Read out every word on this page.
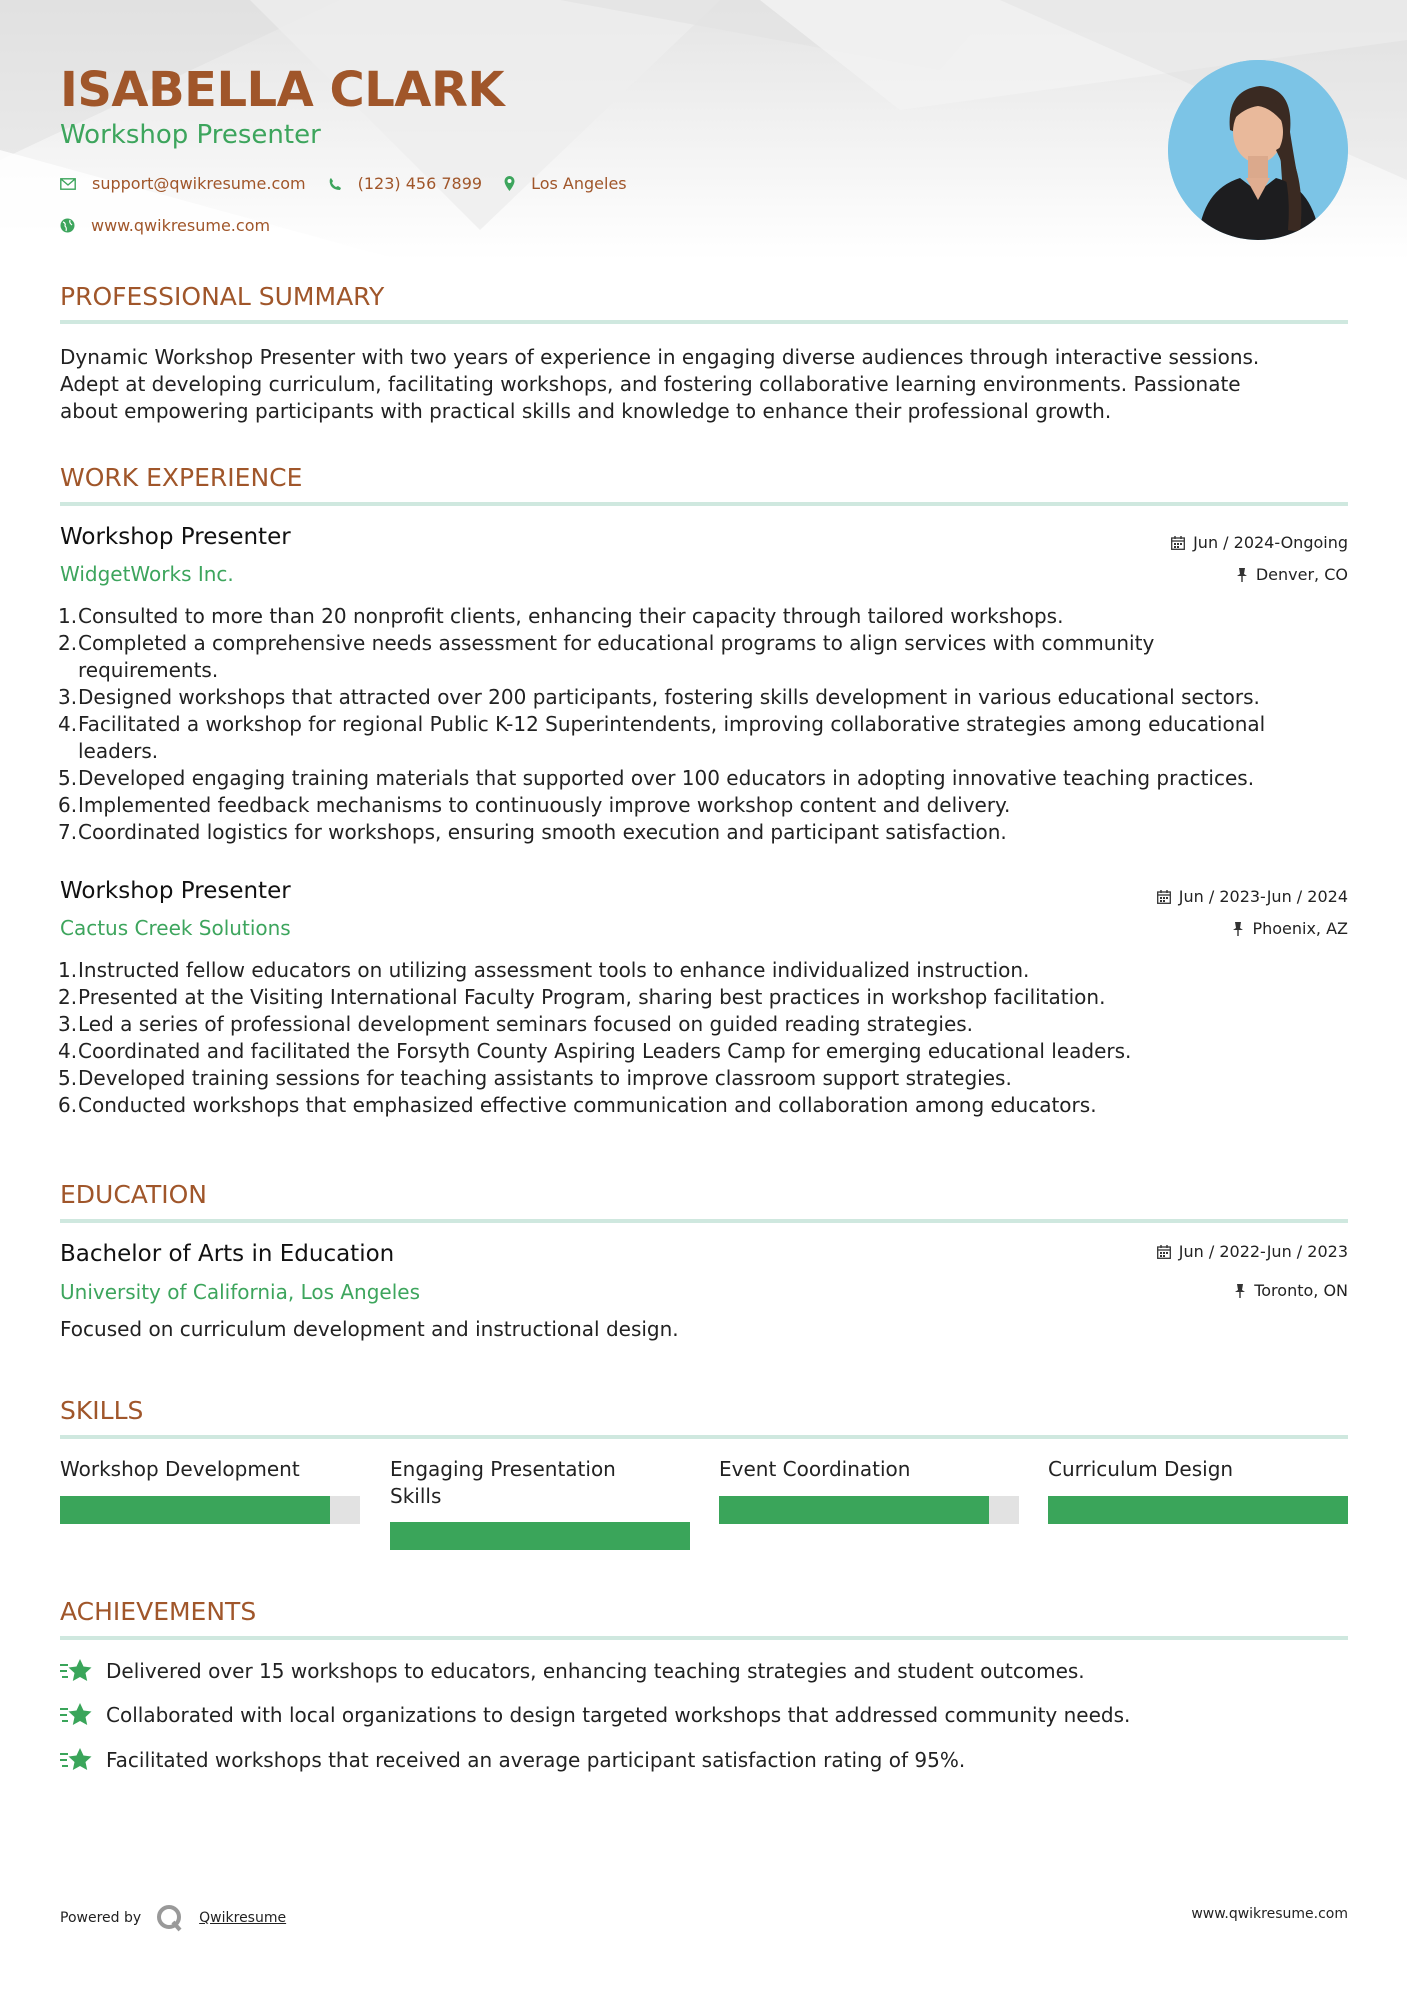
ISABELLA CLARK
Workshop Presenter
support@qwikresume.com	(123) 456 7899	Los Angeles
www.qwikresume.com
PROFESSIONAL SUMMARY
Dynamic Workshop Presenter with two years of experience in engaging diverse audiences through interactive sessions.
Adept at developing curriculum, facilitating workshops, and fostering collaborative learning environments. Passionate
about empowering participants with practical skills and knowledge to enhance their professional growth.
WORK EXPERIENCE
Workshop Presenter
WidgetWorks Inc.
Jun / 2024-Ongoing
Denver, CO
1. Consulted to more than 20 nonprofit clients, enhancing their capacity through tailored workshops.
2. Completed a comprehensive needs assessment for educational programs to align services with community
requirements.
3. Designed workshops that attracted over 200 participants, fostering skills development in various educational sectors.
4. Facilitated a workshop for regional Public K-12 Superintendents, improving collaborative strategies among educational
leaders.
5. Developed engaging training materials that supported over 100 educators in adopting innovative teaching practices.
6. Implemented feedback mechanisms to continuously improve workshop content and delivery.
7. Coordinated logistics for workshops, ensuring smooth execution and participant satisfaction.
Workshop Presenter
Cactus Creek Solutions
Jun / 2023-Jun / 2024
Phoenix, AZ
1. Instructed fellow educators on utilizing assessment tools to enhance individualized instruction.
2. Presented at the Visiting International Faculty Program, sharing best practices in workshop facilitation.
3. Led a series of professional development seminars focused on guided reading strategies.
4. Coordinated and facilitated the Forsyth County Aspiring Leaders Camp for emerging educational leaders.
5. Developed training sessions for teaching assistants to improve classroom support strategies.
6. Conducted workshops that emphasized effective communication and collaboration among educators.
EDUCATION
Bachelor of Arts in Education
University of California, Los Angeles
Jun / 2022-Jun / 2023
Toronto, ON
Focused on curriculum development and instructional design.
SKILLS
Workshop Development	Engaging Presentation Skills
Event Coordination	Curriculum Design
ACHIEVEMENTS
Delivered over 15 workshops to educators, enhancing teaching strategies and student outcomes.
Collaborated with local organizations to design targeted workshops that addressed community needs.
Facilitated workshops that received an average participant satisfaction rating of 95%.
Powered by	Qwikresume	www.qwikresume.com
